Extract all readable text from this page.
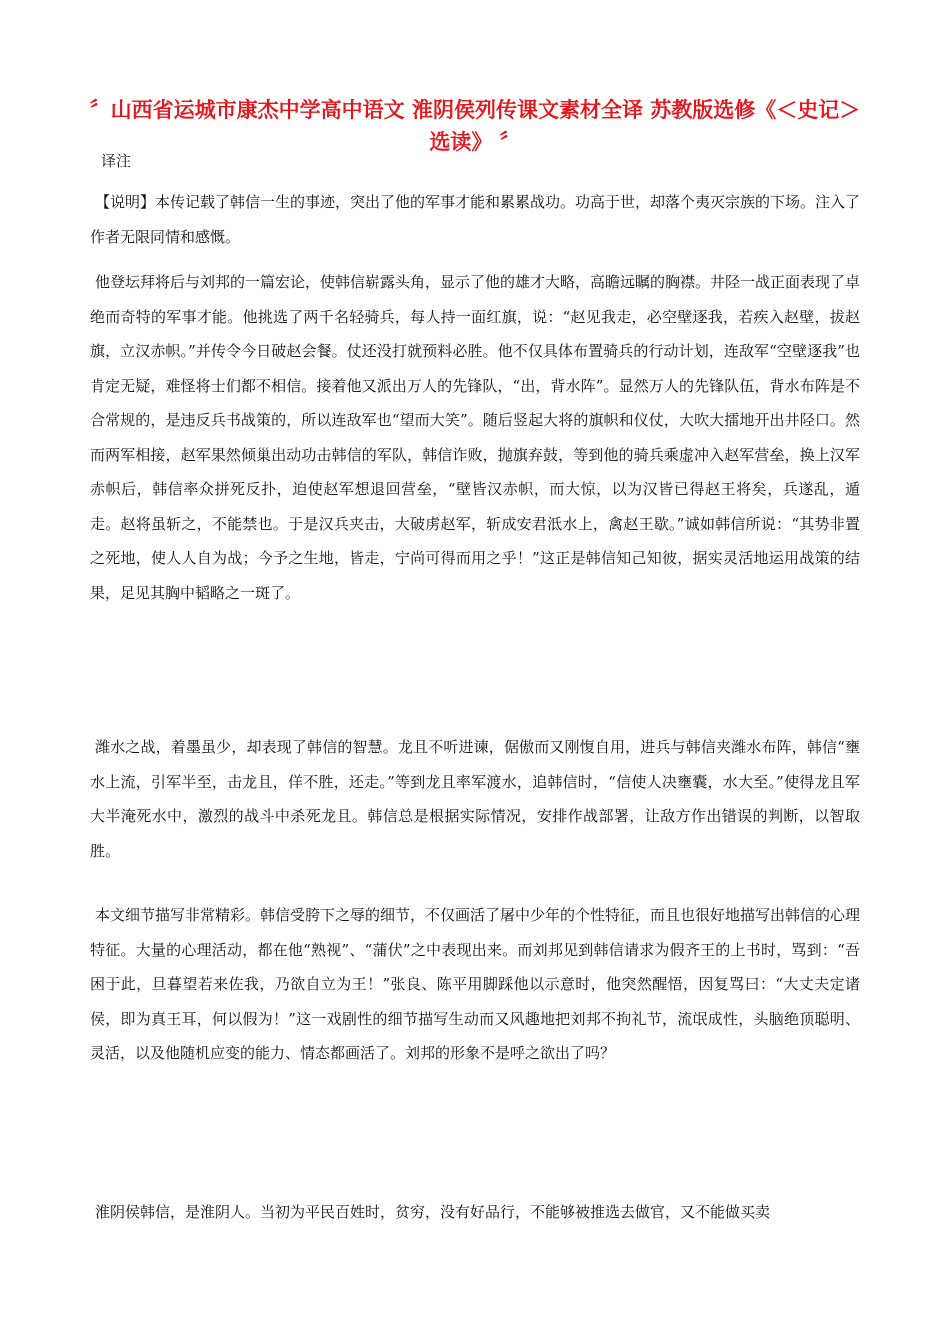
〞山西省运城市康杰中学高中语文 淮阴侯列传课文素材全译 苏教版选修《＜史记＞选读》 〞

译注

【说明】本传记载了韩信一生的事迹，突出了他的军事才能和累累战功。功高于世，却落个夷灭宗族的下场。注入了作者无限同情和感慨。

他登坛拜将后与刘邦的一篇宏论，使韩信崭露头角，显示了他的雄才大略，高瞻远瞩的胸襟。井陉一战正面表现了卓绝而奇特的军事才能。他挑选了两千名轻骑兵，每人持一面红旗，说：“赵见我走，必空壁逐我，若疾入赵壁，拔赵旗，立汉赤帜。”并传令今日破赵会餐。仗还没打就预料必胜。他不仅具体布置骑兵的行动计划，连敌军“空壁逐我”也肯定无疑，难怪将士们都不相信。接着他又派出万人的先锋队，“出，背水阵”。显然万人的先锋队伍，背水布阵是不合常规的，是违反兵书战策的，所以连敌军也“望而大笑”。随后竖起大将的旗帜和仪仗，大吹大擂地开出井陉口。然而两军相接，赵军果然倾巢出动功击韩信的军队，韩信诈败，抛旗弃鼓，等到他的骑兵乘虚冲入赵军营垒，换上汉军赤帜后，韩信率众拼死反扑，迫使赵军想退回营垒，“壁皆汉赤帜，而大惊，以为汉皆已得赵王将矣，兵遂乱，遁走。赵将虽斩之，不能禁也。于是汉兵夹击，大破虏赵军，斩成安君泜水上，禽赵王歇。”诚如韩信所说：“其势非置之死地，使人人自为战；今予之生地，皆走，宁尚可得而用之乎！”这正是韩信知己知彼，据实灵活地运用战策的结果，足见其胸中韬略之一斑了。

潍水之战，着墨虽少，却表现了韩信的智慧。龙且不听进谏，倨傲而又刚愎自用，进兵与韩信夹潍水布阵，韩信“壅水上流，引军半至，击龙且，佯不胜，还走。”等到龙且率军渡水，追韩信时，“信使人决壅囊，水大至。”使得龙且军大半淹死水中，激烈的战斗中杀死龙且。韩信总是根据实际情况，安排作战部署，让敌方作出错误的判断，以智取胜。

本文细节描写非常精彩。韩信受胯下之辱的细节，不仅画活了屠中少年的个性特征，而且也很好地描写出韩信的心理特征。大量的心理活动，都在他“熟视”、“蒲伏”之中表现出来。而刘邦见到韩信请求为假齐王的上书时，骂到：“吾困于此，旦暮望若来佐我，乃欲自立为王！”张良、陈平用脚踩他以示意时，他突然醒悟，因复骂曰：“大丈夫定诸侯，即为真王耳，何以假为！”这一戏剧性的细节描写生动而又风趣地把刘邦不拘礼节，流氓成性，头脑绝顶聪明、灵活，以及他随机应变的能力、情态都画活了。刘邦的形象不是呼之欲出了吗？

淮阴侯韩信，是淮阴人。当初为平民百姓时，贫穷，没有好品行，不能够被推选去做官，又不能做买卖
